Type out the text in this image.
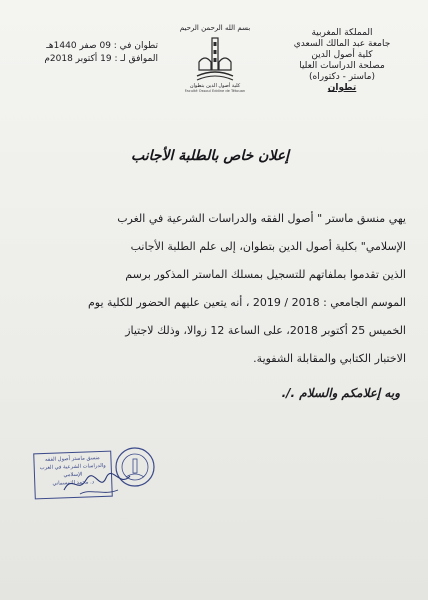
المملكة المغربية
جامعة عبد المالك السعدي
كلية أصول الدين
مصلحة الدراسات العليا
(ماستر - دكتوراه)
تطوان
بسم الله الرحمن الرحيم
كلية أصول الدين بتطوان
Faculté Ossoul Eddine de Tétouan
تطوان في : 09 صفر 1440هـ
الموافق لـ : 19 أكتوبر 2018م
إعلان خاص بالطلبة الأجانب
يهي منسق ماستر " أصول الفقه والدراسات الشرعية في الغرب
الإسلامي" بكلية أصول الدين بتطوان، إلى علم الطلبة الأجانب
الذين تقدموا بملفاتهم للتسجيل بمسلك الماستر المذكور برسم
الموسم الجامعي : 2018 / 2019 ، أنه يتعين عليهم الحضور للكلية يوم
الخميس 25 أكتوبر 2018، على الساعة 12 زوالا، وذلك لاجتياز
الاختبار الكتابي والمقابلة الشفوية.
وبه إعلامكم والسلام ./.
منسق ماستر أصول الفقه
والدراسات الشرعية في الغرب
الإسلامي
د. محمد التمسماني
